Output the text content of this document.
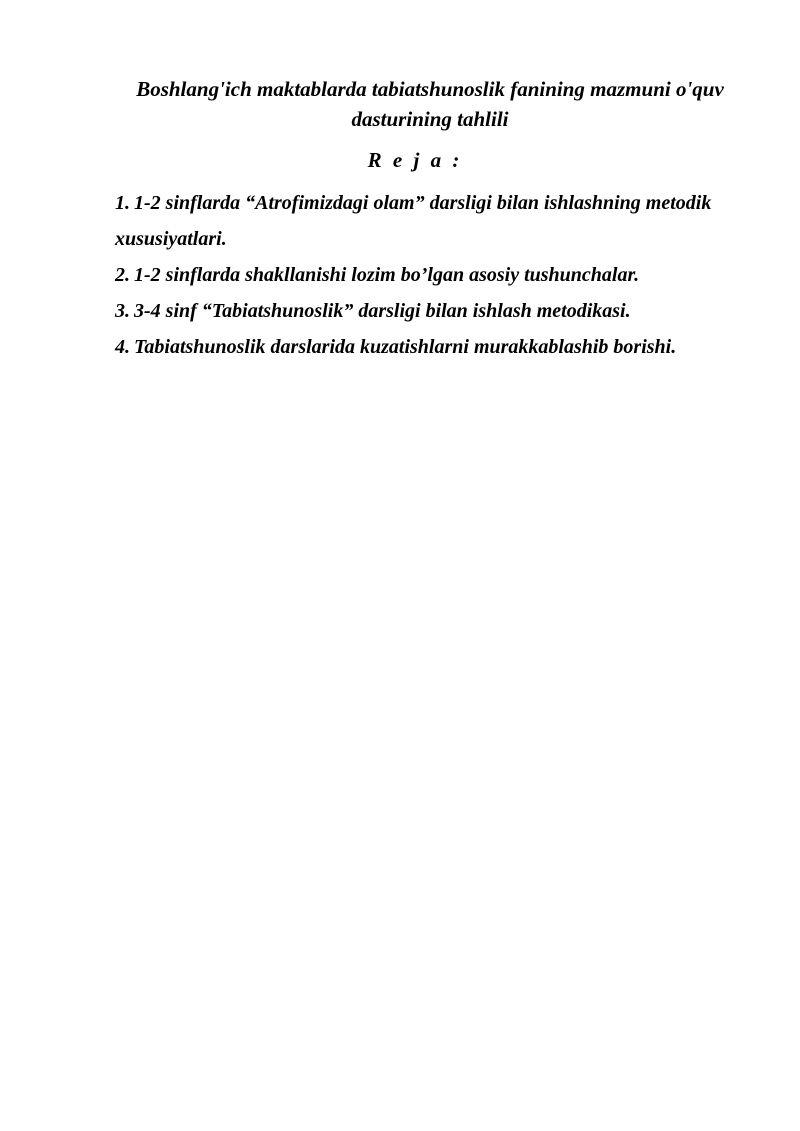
Boshlang'ich maktablarda tabiatshunoslik fanining mazmuni o'quv dasturining tahlili
R e j a :
1. 1-2 sinflarda “Atrofimizdagi olam” darsligi bilan ishlashning metodik xususiyatlari.
2. 1-2 sinflarda shakllanishi lozim bo’lgan asosiy tushunchalar.
3. 3-4 sinf “Tabiatshunoslik” darsligi bilan ishlash metodikasi.
4. Tabiatshunoslik darslarida kuzatishlarni murakkablashib borishi.
